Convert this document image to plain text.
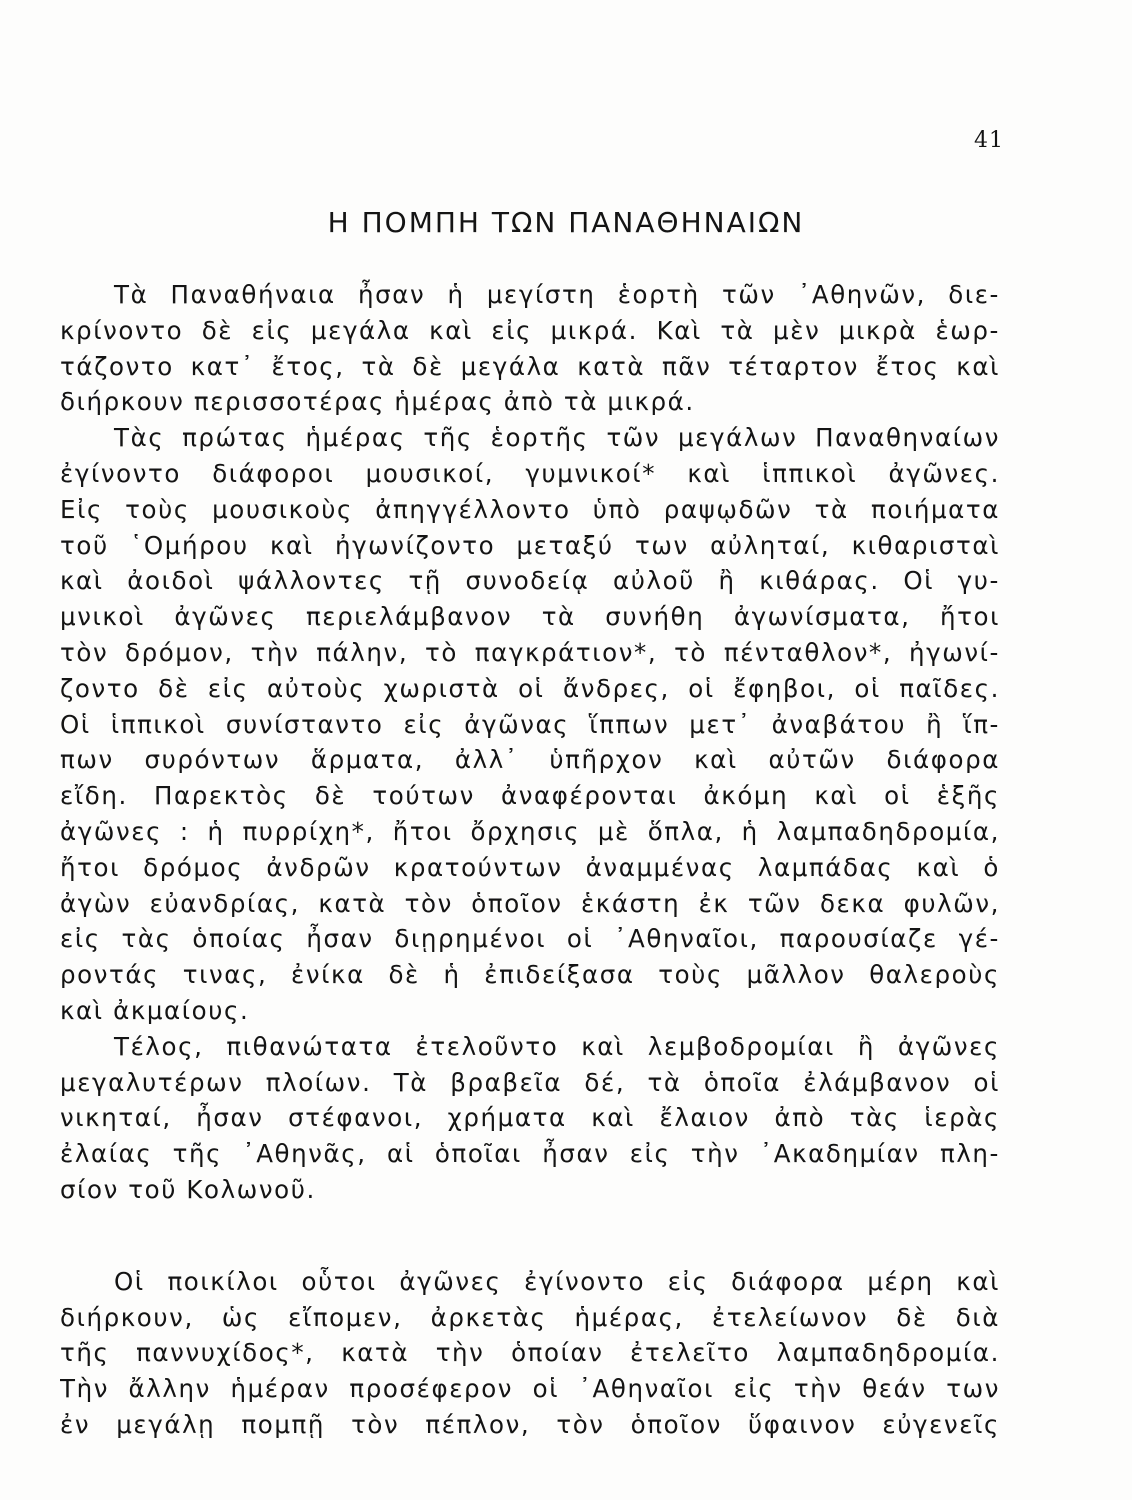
41
Η ΠΟΜΠΗ ΤΩΝ ΠΑΝΑΘΗΝΑΙΩΝ
Τὰ Παναθήναια ἦσαν ἡ μεγίστη ἑορτὴ τῶν ᾿Αθηνῶν, διε-
κρίνοντο δὲ εἰς μεγάλα καὶ εἰς μικρά. Καὶ τὰ μὲν μικρὰ ἑωρ-
τάζοντο κατ᾿ ἔτος, τὰ δὲ μεγάλα κατὰ πᾶν τέταρτον ἔτος καὶ
διήρκουν περισσοτέρας ἡμέρας ἀπὸ τὰ μικρά.
Τὰς πρώτας ἡμέρας τῆς ἑορτῆς τῶν μεγάλων Παναθηναίων
ἐγίνοντο διάφοροι μουσικοί, γυμνικοί* καὶ ἱππικοὶ ἀγῶνες.
Εἰς τοὺς μουσικοὺς ἀπηγγέλλοντο ὑπὸ ραψῳδῶν τὰ ποιήματα
τοῦ ῾Ομήρου καὶ ἠγωνίζοντο μεταξύ των αὐληταί, κιθαρισταὶ
καὶ ἀοιδοὶ ψάλλοντες τῇ συνοδείᾳ αὐλοῦ ἢ κιθάρας. Οἱ γυ-
μνικοὶ ἀγῶνες περιελάμβανον τὰ συνήθη ἀγωνίσματα, ἤτοι
τὸν δρόμον, τὴν πάλην, τὸ παγκράτιον*, τὸ πένταθλον*, ἠγωνί-
ζοντο δὲ εἰς αὐτοὺς χωριστὰ οἱ ἄνδρες, οἱ ἔφηβοι, οἱ παῖδες.
Οἱ ἱππικοὶ συνίσταντο εἰς ἀγῶνας ἵππων μετ᾿ ἀναβάτου ἢ ἵπ-
πων συρόντων ἅρματα, ἀλλ᾿ ὑπῆρχον καὶ αὐτῶν διάφορα
εἴδη. Παρεκτὸς δὲ τούτων ἀναφέρονται ἀκόμη καὶ οἱ ἑξῆς
ἀγῶνες : ἡ πυρρίχη*, ἤτοι ὄρχησις μὲ ὅπλα, ἡ λαμπαδηδρομία,
ἤτοι δρόμος ἀνδρῶν κρατούντων ἀναμμένας λαμπάδας καὶ ὁ
ἀγὼν εὐανδρίας, κατὰ τὸν ὁποῖον ἑκάστη ἐκ τῶν δεκα φυλῶν,
εἰς τὰς ὁποίας ἦσαν διῃρημένοι οἱ ᾿Αθηναῖοι, παρουσίαζε γέ-
ροντάς τινας, ἐνίκα δὲ ἡ ἐπιδείξασα τοὺς μᾶλλον θαλεροὺς
καὶ ἀκμαίους.
Τέλος, πιθανώτατα ἐτελοῦντο καὶ λεμβοδρομίαι ἢ ἀγῶνες
μεγαλυτέρων πλοίων. Τὰ βραβεῖα δέ, τὰ ὁποῖα ἐλάμβανον οἱ
νικηταί, ἦσαν στέφανοι, χρήματα καὶ ἔλαιον ἀπὸ τὰς ἱερὰς
ἐλαίας τῆς ᾿Αθηνᾶς, αἱ ὁποῖαι ἦσαν εἰς τὴν ᾿Ακαδημίαν πλη-
σίον τοῦ Κολωνοῦ.
Οἱ ποικίλοι οὗτοι ἀγῶνες ἐγίνοντο εἰς διάφορα μέρη καὶ
διήρκουν, ὡς εἴπομεν, ἀρκετὰς ἡμέρας, ἐτελείωνον δὲ διὰ
τῆς παννυχίδος*, κατὰ τὴν ὁποίαν ἐτελεῖτο λαμπαδηδρομία.
Τὴν ἄλλην ἡμέραν προσέφερον οἱ ᾿Αθηναῖοι εἰς τὴν θεάν των
ἐν μεγάλῃ πομπῇ τὸν πέπλον, τὸν ὁποῖον ὕφαινον εὐγενεῖς
